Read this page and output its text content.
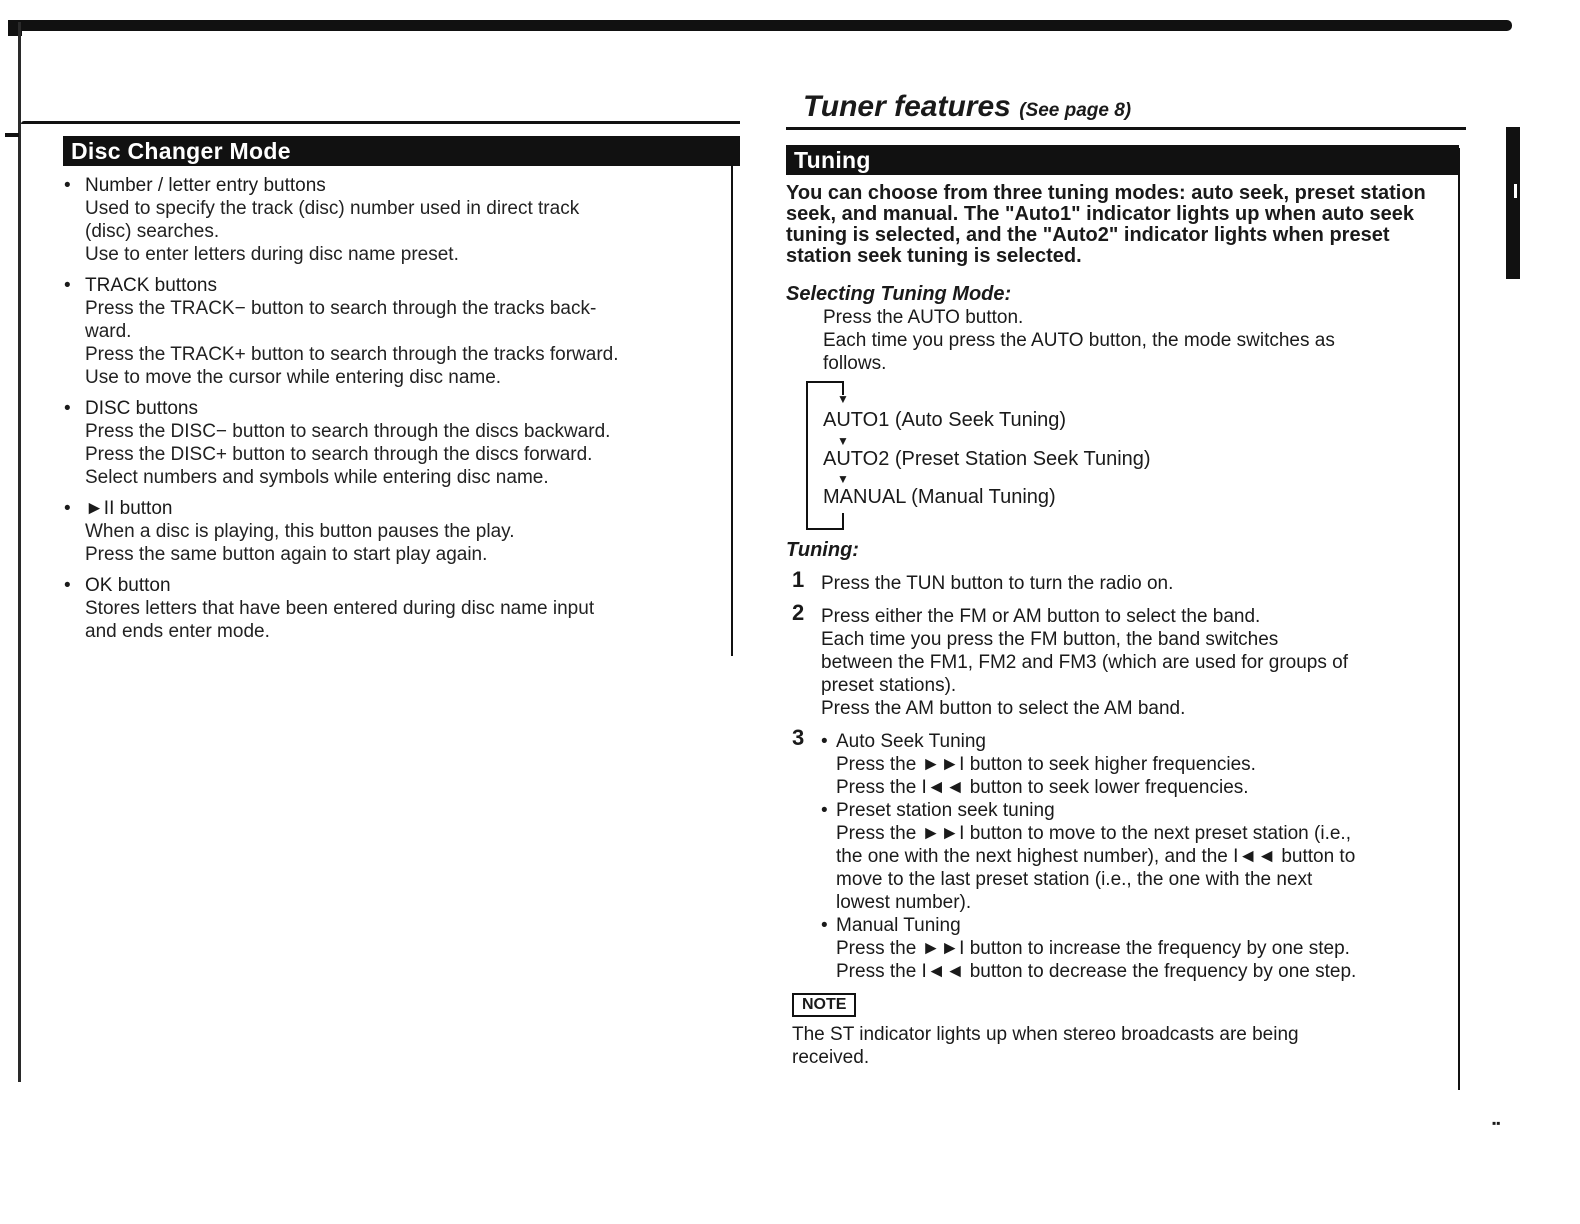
Disc Changer Mode
• Number / letter entry buttons
Used to specify the track (disc) number used in direct track
(disc) searches.
Use to enter letters during disc name preset.
• TRACK buttons
Press the TRACK− button to search through the tracks back-
ward.
Press the TRACK+ button to search through the tracks forward.
Use to move the cursor while entering disc name.
• DISC buttons
Press the DISC− button to search through the discs backward.
Press the DISC+ button to search through the discs forward.
Select numbers and symbols while entering disc name.
• ►II button
When a disc is playing, this button pauses the play.
Press the same button again to start play again.
• OK button
Stores letters that have been entered during disc name input
and ends enter mode.
Tuner features (See page 8)
Tuning
You can choose from three tuning modes: auto seek, preset station seek, and manual. The "Auto1" indicator lights up when auto seek tuning is selected, and the "Auto2" indicator lights when preset station seek tuning is selected.
Selecting Tuning Mode:
Press the AUTO button.
Each time you press the AUTO button, the mode switches as
follows.
▼
AUTO1 (Auto Seek Tuning)
▼
AUTO2 (Preset Station Seek Tuning)
▼
MANUAL (Manual Tuning)
Tuning:
1 Press the TUN button to turn the radio on.
2 Press either the FM or AM button to select the band.
Each time you press the FM button, the band switches
between the FM1, FM2 and FM3 (which are used for groups of
preset stations).
Press the AM button to select the AM band.
3 • Auto Seek Tuning
Press the ►►I button to seek higher frequencies.
Press the I◄◄ button to seek lower frequencies.
• Preset station seek tuning
Press the ►►I button to move to the next preset station (i.e.,
the one with the next highest number), and the I◄◄ button to
move to the last preset station (i.e., the one with the next
lowest number).
• Manual Tuning
Press the ►►I button to increase the frequency by one step.
Press the I◄◄ button to decrease the frequency by one step.
NOTE
The ST indicator lights up when stereo broadcasts are being
received.
▪▪
